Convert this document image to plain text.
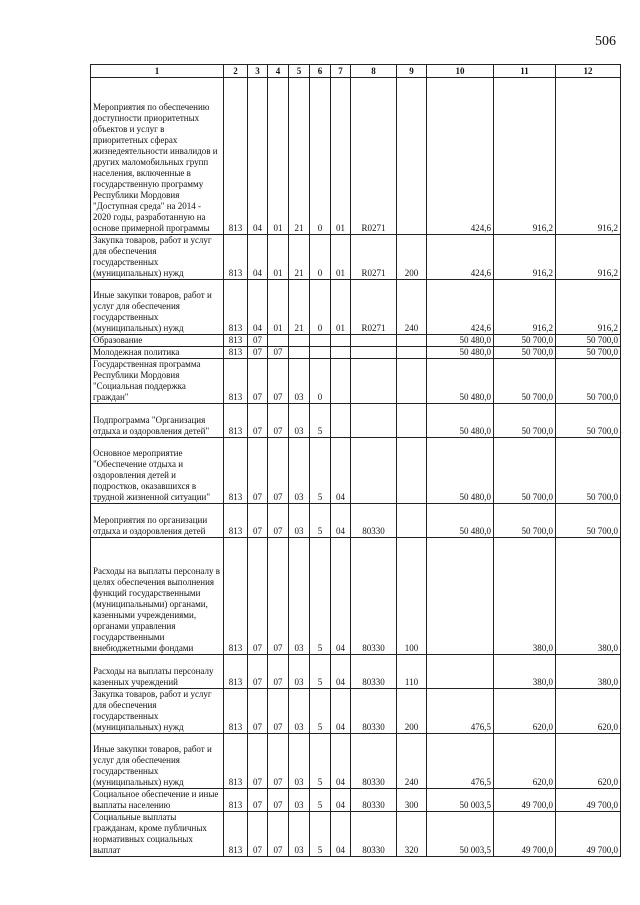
506
1	2	3	4	5	6	7	8	9	10	11	12
Мероприятия по обеспечению доступности приоритетных объектов и услуг в приоритетных сферах жизнедеятельности инвалидов и других маломобильных групп населения, включенные в государственную программу Республики Мордовия "Доступная среда" на 2014 - 2020 годы, разработанную на основе примерной программы	813	04	01	21	0	01	R0271		424,6	916,2	916,2
Закупка товаров, работ и услуг для обеспечения государственных (муниципальных) нужд	813	04	01	21	0	01	R0271	200	424,6	916,2	916,2
Иные закупки товаров, работ и услуг для обеспечения государственных (муниципальных) нужд	813	04	01	21	0	01	R0271	240	424,6	916,2	916,2
Образование	813	07							50 480,0	50 700,0	50 700,0
Молодежная политика	813	07	07						50 480,0	50 700,0	50 700,0
Государственная программа Республики Мордовия "Социальная поддержка граждан"	813	07	07	03	0				50 480,0	50 700,0	50 700,0
Подпрограмма "Организация отдыха и оздоровления детей"	813	07	07	03	5				50 480,0	50 700,0	50 700,0
Основное мероприятие "Обеспечение отдыха и оздоровления детей и подростков, оказавшихся в трудной жизненной ситуации"	813	07	07	03	5	04			50 480,0	50 700,0	50 700,0
Мероприятия по организации отдыха и оздоровления детей	813	07	07	03	5	04	80330		50 480,0	50 700,0	50 700,0
Расходы на выплаты персоналу в целях обеспечения выполнения функций государственными (муниципальными) органами, казенными учреждениями, органами управления государственными внебюджетными фондами	813	07	07	03	5	04	80330	100		380,0	380,0
Расходы на выплаты персоналу казенных учреждений	813	07	07	03	5	04	80330	110		380,0	380,0
Закупка товаров, работ и услуг для обеспечения государственных (муниципальных) нужд	813	07	07	03	5	04	80330	200	476,5	620,0	620,0
Иные закупки товаров, работ и услуг для обеспечения государственных (муниципальных) нужд	813	07	07	03	5	04	80330	240	476,5	620,0	620,0
Социальное обеспечение и иные выплаты населению	813	07	07	03	5	04	80330	300	50 003,5	49 700,0	49 700,0
Социальные выплаты гражданам, кроме публичных нормативных социальных выплат	813	07	07	03	5	04	80330	320	50 003,5	49 700,0	49 700,0
